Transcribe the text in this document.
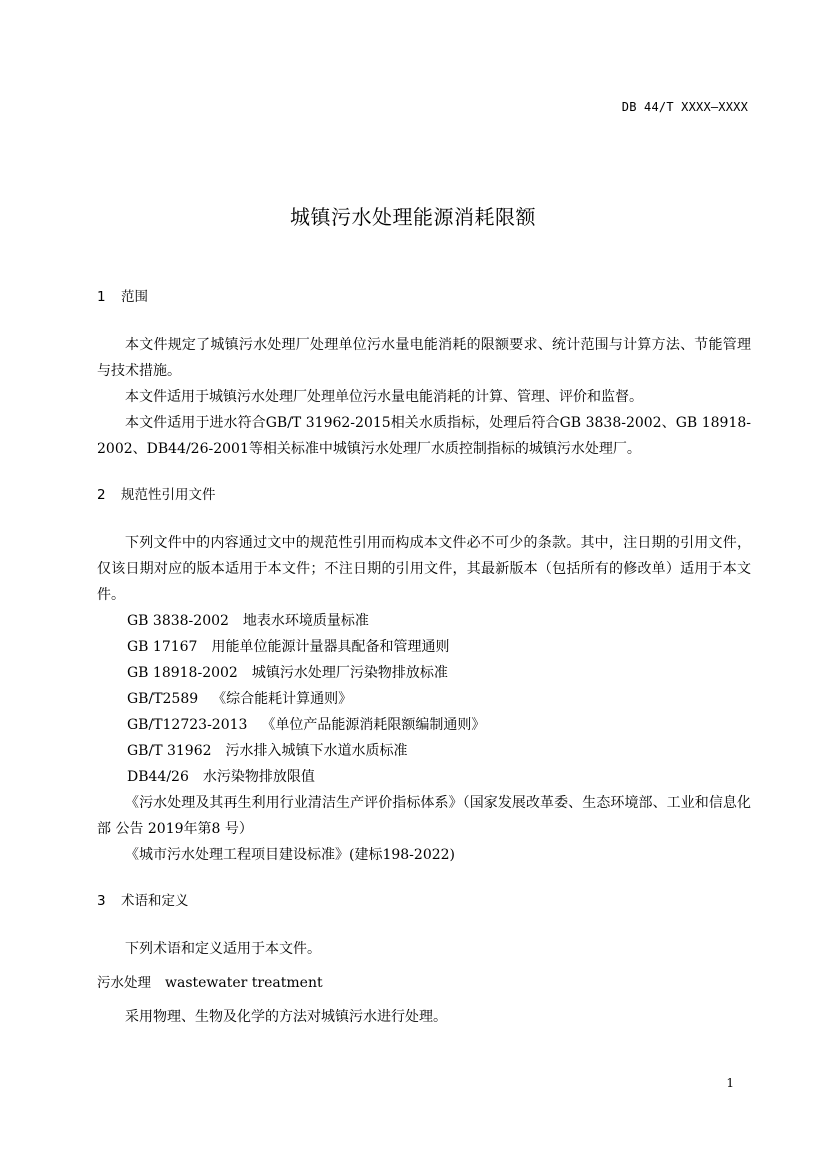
DB 44/T XXXX—XXXX
城镇污水处理能源消耗限额
1 范围

本文件规定了城镇污水处理厂处理单位污水量电能消耗的限额要求、统计范围与计算方法、节能管理与技术措施。

本文件适用于城镇污水处理厂处理单位污水量电能消耗的计算、管理、评价和监督。

本文件适用于进水符合GB/T 31962-2015相关水质指标，处理后符合GB 3838-2002、GB 18918-2002、DB44/26-2001等相关标准中城镇污水处理厂水质控制指标的城镇污水处理厂。

2 规范性引用文件

下列文件中的内容通过文中的规范性引用而构成本文件必不可少的条款。其中，注日期的引用文件，仅该日期对应的版本适用于本文件；不注日期的引用文件，其最新版本（包括所有的修改单）适用于本文件。

GB 3838-2002 地表水环境质量标准

GB 17167 用能单位能源计量器具配备和管理通则

GB 18918-2002 城镇污水处理厂污染物排放标准

GB/T2589 《综合能耗计算通则》

GB/T12723-2013 《单位产品能源消耗限额编制通则》

GB/T 31962 污水排入城镇下水道水质标准

DB44/26 水污染物排放限值

《污水处理及其再生利用行业清洁生产评价指标体系》（国家发展改革委、生态环境部、工业和信息化部 公告 2019年第8 号）

《城市污水处理工程项目建设标准》(建标198-2022)

3 术语和定义

下列术语和定义适用于本文件。

污水处理 wastewater treatment

采用物理、生物及化学的方法对城镇污水进行处理。

1
